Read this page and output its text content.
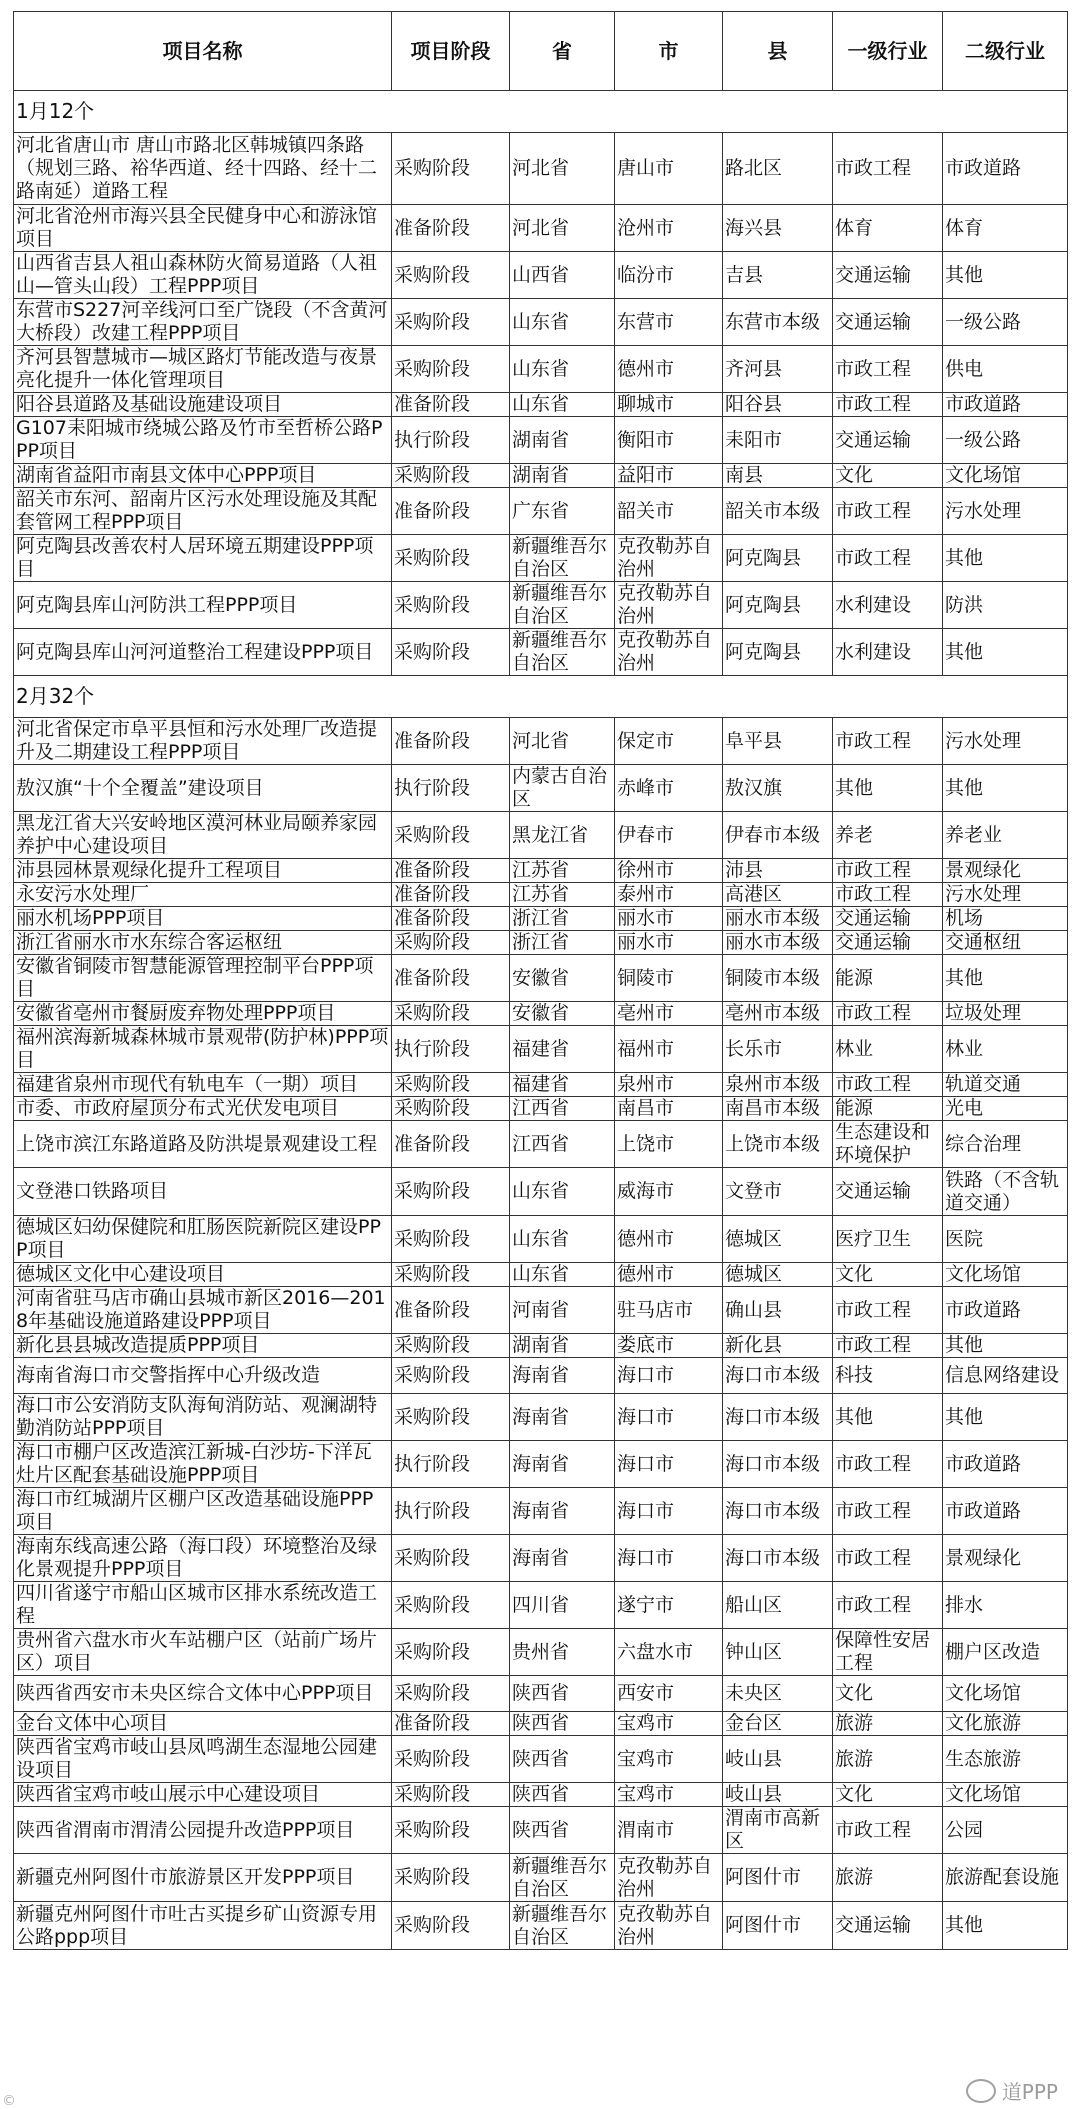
项目名称	项目阶段	省	市	县	一级行业	二级行业
1月12个						
河北省唐山市 唐山市路北区韩城镇四条路（规划三路、裕华西道、经十四路、经十二路南延）道路工程	采购阶段	河北省	唐山市	路北区	市政工程	市政道路
河北省沧州市海兴县全民健身中心和游泳馆项目	准备阶段	河北省	沧州市	海兴县	体育	体育
山西省吉县人祖山森林防火简易道路（人祖山—管头山段）工程PPP项目	采购阶段	山西省	临汾市	吉县	交通运输	其他
东营市S227河辛线河口至广饶段（不含黄河大桥段）改建工程PPP项目	采购阶段	山东省	东营市	东营市本级	交通运输	一级公路
齐河县智慧城市—城区路灯节能改造与夜景亮化提升一体化管理项目	采购阶段	山东省	德州市	齐河县	市政工程	供电
阳谷县道路及基础设施建设项目	准备阶段	山东省	聊城市	阳谷县	市政工程	市政道路
G107耒阳城市绕城公路及竹市至哲桥公路PPP项目	执行阶段	湖南省	衡阳市	耒阳市	交通运输	一级公路
湖南省益阳市南县文体中心PPP项目	采购阶段	湖南省	益阳市	南县	文化	文化场馆
韶关市东河、韶南片区污水处理设施及其配套管网工程PPP项目	准备阶段	广东省	韶关市	韶关市本级	市政工程	污水处理
阿克陶县改善农村人居环境五期建设PPP项目	采购阶段	新疆维吾尔自治区	克孜勒苏自治州	阿克陶县	市政工程	其他
阿克陶县库山河防洪工程PPP项目	采购阶段	新疆维吾尔自治区	克孜勒苏自治州	阿克陶县	水利建设	防洪
阿克陶县库山河河道整治工程建设PPP项目	采购阶段	新疆维吾尔自治区	克孜勒苏自治州	阿克陶县	水利建设	其他
2月32个						
河北省保定市阜平县恒和污水处理厂改造提升及二期建设工程PPP项目	准备阶段	河北省	保定市	阜平县	市政工程	污水处理
敖汉旗“十个全覆盖”建设项目	执行阶段	内蒙古自治区	赤峰市	敖汉旗	其他	其他
黑龙江省大兴安岭地区漠河林业局颐养家园养护中心建设项目	采购阶段	黑龙江省	伊春市	伊春市本级	养老	养老业
沛县园林景观绿化提升工程项目	准备阶段	江苏省	徐州市	沛县	市政工程	景观绿化
永安污水处理厂	准备阶段	江苏省	泰州市	高港区	市政工程	污水处理
丽水机场PPP项目	准备阶段	浙江省	丽水市	丽水市本级	交通运输	机场
浙江省丽水市水东综合客运枢纽	采购阶段	浙江省	丽水市	丽水市本级	交通运输	交通枢纽
安徽省铜陵市智慧能源管理控制平台PPP项目	准备阶段	安徽省	铜陵市	铜陵市本级	能源	其他
安徽省亳州市餐厨废弃物处理PPP项目	采购阶段	安徽省	亳州市	亳州市本级	市政工程	垃圾处理
福州滨海新城森林城市景观带(防护林)PPP项目	执行阶段	福建省	福州市	长乐市	林业	林业
福建省泉州市现代有轨电车（一期）项目	采购阶段	福建省	泉州市	泉州市本级	市政工程	轨道交通
市委、市政府屋顶分布式光伏发电项目	采购阶段	江西省	南昌市	南昌市本级	能源	光电
上饶市滨江东路道路及防洪堤景观建设工程	准备阶段	江西省	上饶市	上饶市本级	生态建设和环境保护	综合治理
文登港口铁路项目	采购阶段	山东省	威海市	文登市	交通运输	铁路（不含轨道交通）
德城区妇幼保健院和肛肠医院新院区建设PPP项目	采购阶段	山东省	德州市	德城区	医疗卫生	医院
德城区文化中心建设项目	采购阶段	山东省	德州市	德城区	文化	文化场馆
河南省驻马店市确山县城市新区2016—2018年基础设施道路建设PPP项目	准备阶段	河南省	驻马店市	确山县	市政工程	市政道路
新化县县城改造提质PPP项目	采购阶段	湖南省	娄底市	新化县	市政工程	其他
海南省海口市交警指挥中心升级改造	采购阶段	海南省	海口市	海口市本级	科技	信息网络建设
海口市公安消防支队海甸消防站、观澜湖特勤消防站PPP项目	采购阶段	海南省	海口市	海口市本级	其他	其他
海口市棚户区改造滨江新城-白沙坊-下洋瓦灶片区配套基础设施PPP项目	执行阶段	海南省	海口市	海口市本级	市政工程	市政道路
海口市红城湖片区棚户区改造基础设施PPP项目	执行阶段	海南省	海口市	海口市本级	市政工程	市政道路
海南东线高速公路（海口段）环境整治及绿化景观提升PPP项目	采购阶段	海南省	海口市	海口市本级	市政工程	景观绿化
四川省遂宁市船山区城市区排水系统改造工程	采购阶段	四川省	遂宁市	船山区	市政工程	排水
贵州省六盘水市火车站棚户区（站前广场片区）项目	采购阶段	贵州省	六盘水市	钟山区	保障性安居工程	棚户区改造
陕西省西安市未央区综合文体中心PPP项目	采购阶段	陕西省	西安市	未央区	文化	文化场馆
金台文体中心项目	准备阶段	陕西省	宝鸡市	金台区	旅游	文化旅游
陕西省宝鸡市岐山县凤鸣湖生态湿地公园建设项目	采购阶段	陕西省	宝鸡市	岐山县	旅游	生态旅游
陕西省宝鸡市岐山展示中心建设项目	采购阶段	陕西省	宝鸡市	岐山县	文化	文化场馆
陕西省渭南市渭清公园提升改造PPP项目	采购阶段	陕西省	渭南市	渭南市高新区	市政工程	公园
新疆克州阿图什市旅游景区开发PPP项目	采购阶段	新疆维吾尔自治区	克孜勒苏自治州	阿图什市	旅游	旅游配套设施
新疆克州阿图什市吐古买提乡矿山资源专用公路ppp项目	采购阶段	新疆维吾尔自治区	克孜勒苏自治州	阿图什市	交通运输	其他
道PPP
©
